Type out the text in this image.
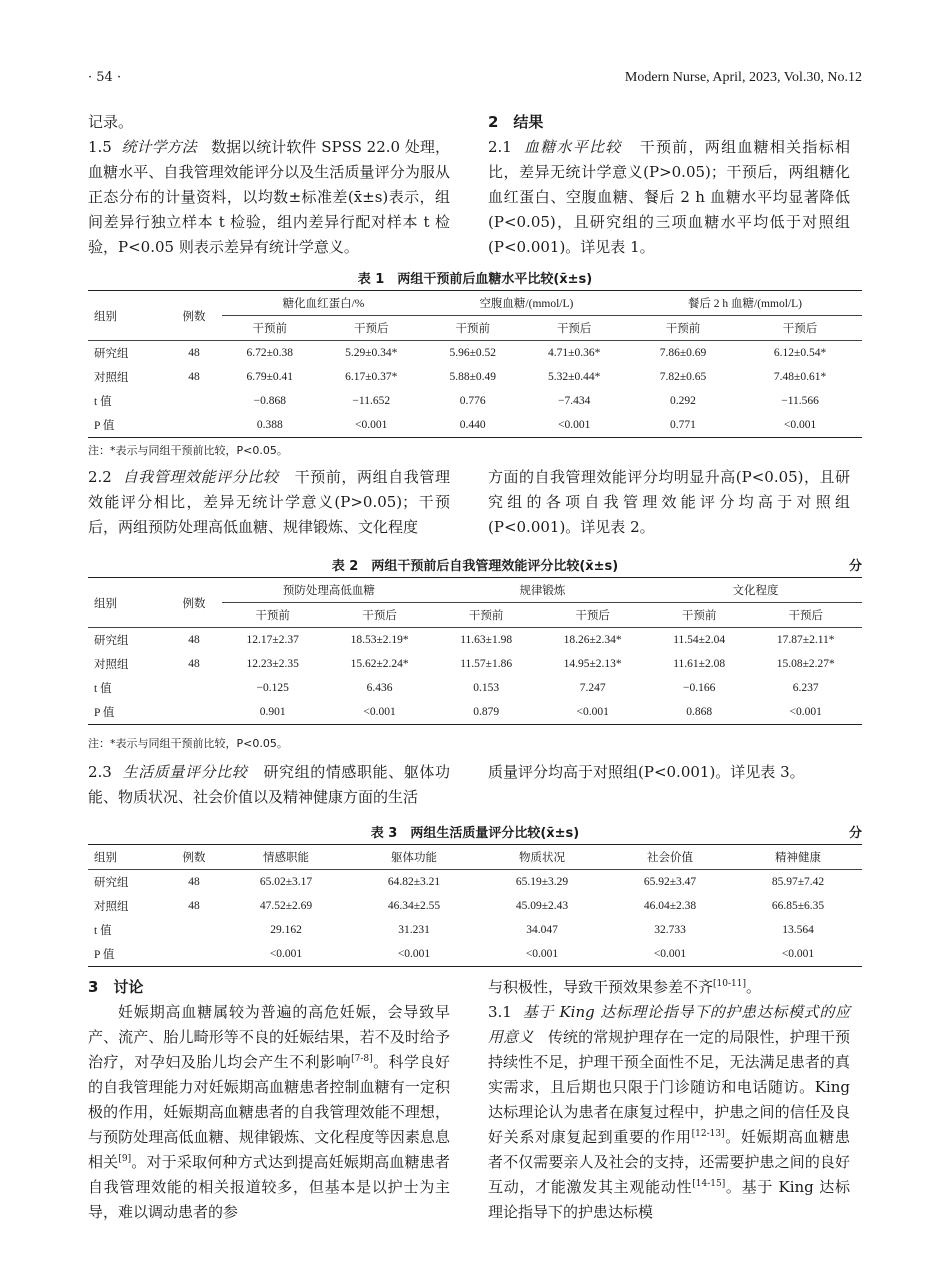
· 54 ·	Modern Nurse, April, 2023, Vol.30, No.12

记录。

1.5 统计学方法 数据以统计软件 SPSS 22.0 处理，血糖水平、自我管理效能评分以及生活质量评分为服从正态分布的计量资料，以均数±标准差(x̄±s)表示，组间差异行独立样本 t 检验，组内差异行配对样本 t 检验，P<0.05 则表示差异有统计学意义。

2　结果

2.1 血糖水平比较 干预前，两组血糖相关指标相比，差异无统计学意义(P>0.05)；干预后，两组糖化血红蛋白、空腹血糖、餐后 2 h 血糖水平均显著降低(P<0.05)，且研究组的三项血糖水平均低于对照组(P<0.001)。详见表 1。

表 1　两组干预前后血糖水平比较(x̄±s)
组别	例数	糖化血红蛋白/%		空腹血糖/(mmol/L)		餐后 2 h 血糖/(mmol/L)	
		干预前	干预后	干预前	干预后	干预前	干预后
研究组	48	6.72±0.38	5.29±0.34*	5.96±0.52	4.71±0.36*	7.86±0.69	6.12±0.54*
对照组	48	6.79±0.41	6.17±0.37*	5.88±0.49	5.32±0.44*	7.82±0.65	7.48±0.61*
t 值		−0.868	−11.652	0.776	−7.434	0.292	−11.566
P 值		0.388	<0.001	0.440	<0.001	0.771	<0.001
注：*表示与同组干预前比较，P<0.05。

2.2 自我管理效能评分比较 干预前，两组自我管理效能评分相比，差异无统计学意义(P>0.05)；干预后，两组预防处理高低血糖、规律锻炼、文化程度

方面的自我管理效能评分均明显升高(P<0.05)，且研究组的各项自我管理效能评分均高于对照组(P<0.001)。详见表 2。

表 2　两组干预前后自我管理效能评分比较(x̄±s)	分
组别	例数	预防处理高低血糖		规律锻炼		文化程度	
		干预前	干预后	干预前	干预后	干预前	干预后
研究组	48	12.17±2.37	18.53±2.19*	11.63±1.98	18.26±2.34*	11.54±2.04	17.87±2.11*
对照组	48	12.23±2.35	15.62±2.24*	11.57±1.86	14.95±2.13*	11.61±2.08	15.08±2.27*
t 值		−0.125	6.436	0.153	7.247	−0.166	6.237
P 值		0.901	<0.001	0.879	<0.001	0.868	<0.001
注：*表示与同组干预前比较，P<0.05。

2.3 生活质量评分比较 研究组的情感职能、躯体功能、物质状况、社会价值以及精神健康方面的生活

质量评分均高于对照组(P<0.001)。详见表 3。

表 3　两组生活质量评分比较(x̄±s)	分
组别	例数	情感职能	躯体功能	物质状况	社会价值	精神健康
研究组	48	65.02±3.17	64.82±3.21	65.19±3.29	65.92±3.47	85.97±7.42
对照组	48	47.52±2.69	46.34±2.55	45.09±2.43	46.04±2.38	66.85±6.35
t 值		29.162	31.231	34.047	32.733	13.564
P 值		<0.001	<0.001	<0.001	<0.001	<0.001

3　讨论

妊娠期高血糖属较为普遍的高危妊娠，会导致早产、流产、胎儿畸形等不良的妊娠结果，若不及时给予治疗，对孕妇及胎儿均会产生不利影响[7-8]。科学良好的自我管理能力对妊娠期高血糖患者控制血糖有一定积极的作用，妊娠期高血糖患者的自我管理效能不理想，与预防处理高低血糖、规律锻炼、文化程度等因素息息相关[9]。对于采取何种方式达到提高妊娠期高血糖患者自我管理效能的相关报道较多，但基本是以护士为主导，难以调动患者的参

与积极性，导致干预效果参差不齐[10-11]。

3.1 基于 King 达标理论指导下的护患达标模式的应用意义 传统的常规护理存在一定的局限性，护理干预持续性不足，护理干预全面性不足，无法满足患者的真实需求，且后期也只限于门诊随访和电话随访。King 达标理论认为患者在康复过程中，护患之间的信任及良好关系对康复起到重要的作用[12-13]。妊娠期高血糖患者不仅需要亲人及社会的支持，还需要护患之间的良好互动，才能激发其主观能动性[14-15]。基于 King 达标理论指导下的护患达标模
